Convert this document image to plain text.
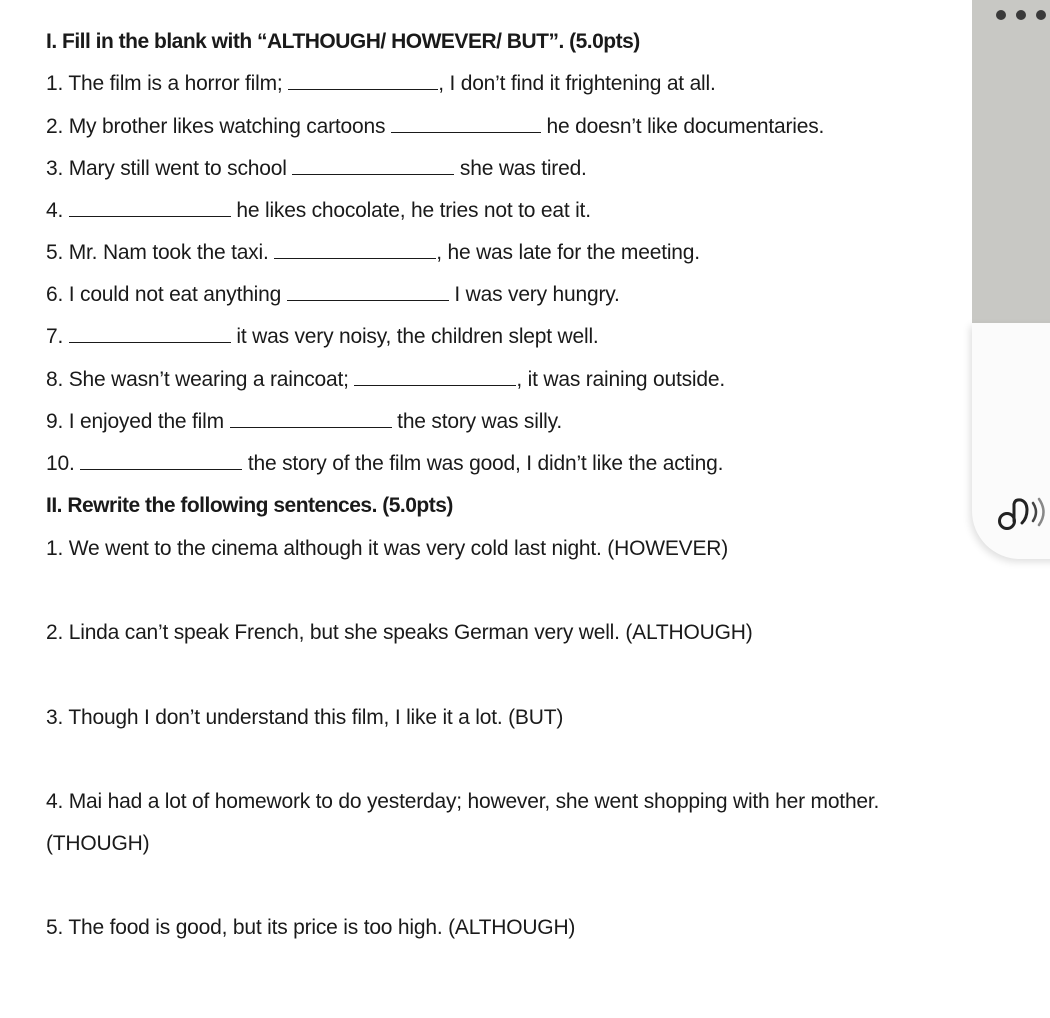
I. Fill in the blank with “ALTHOUGH/ HOWEVER/ BUT”. (5.0pts)
1. The film is a horror film;	, I don’t find it frightening at all.
2. My brother likes watching cartoons	he doesn’t like documentaries.
3. Mary still went to school	she was tired.
4.	he likes chocolate, he tries not to eat it.
5. Mr. Nam took the taxi.	, he was late for the meeting.
6. I could not eat anything	I was very hungry.
7.	it was very noisy, the children slept well.
8. She wasn’t wearing a raincoat;	, it was raining outside.
9. I enjoyed the film	the story was silly.
10.	the story of the film was good, I didn’t like the acting.
II. Rewrite the following sentences. (5.0pts)
1. We went to the cinema although it was very cold last night. (HOWEVER)
2. Linda can’t speak French, but she speaks German very well. (ALTHOUGH)
3. Though I don’t understand this film, I like it a lot. (BUT)
4. Mai had a lot of homework to do yesterday; however, she went shopping with her mother.
(THOUGH)
5. The food is good, but its price is too high. (ALTHOUGH)
